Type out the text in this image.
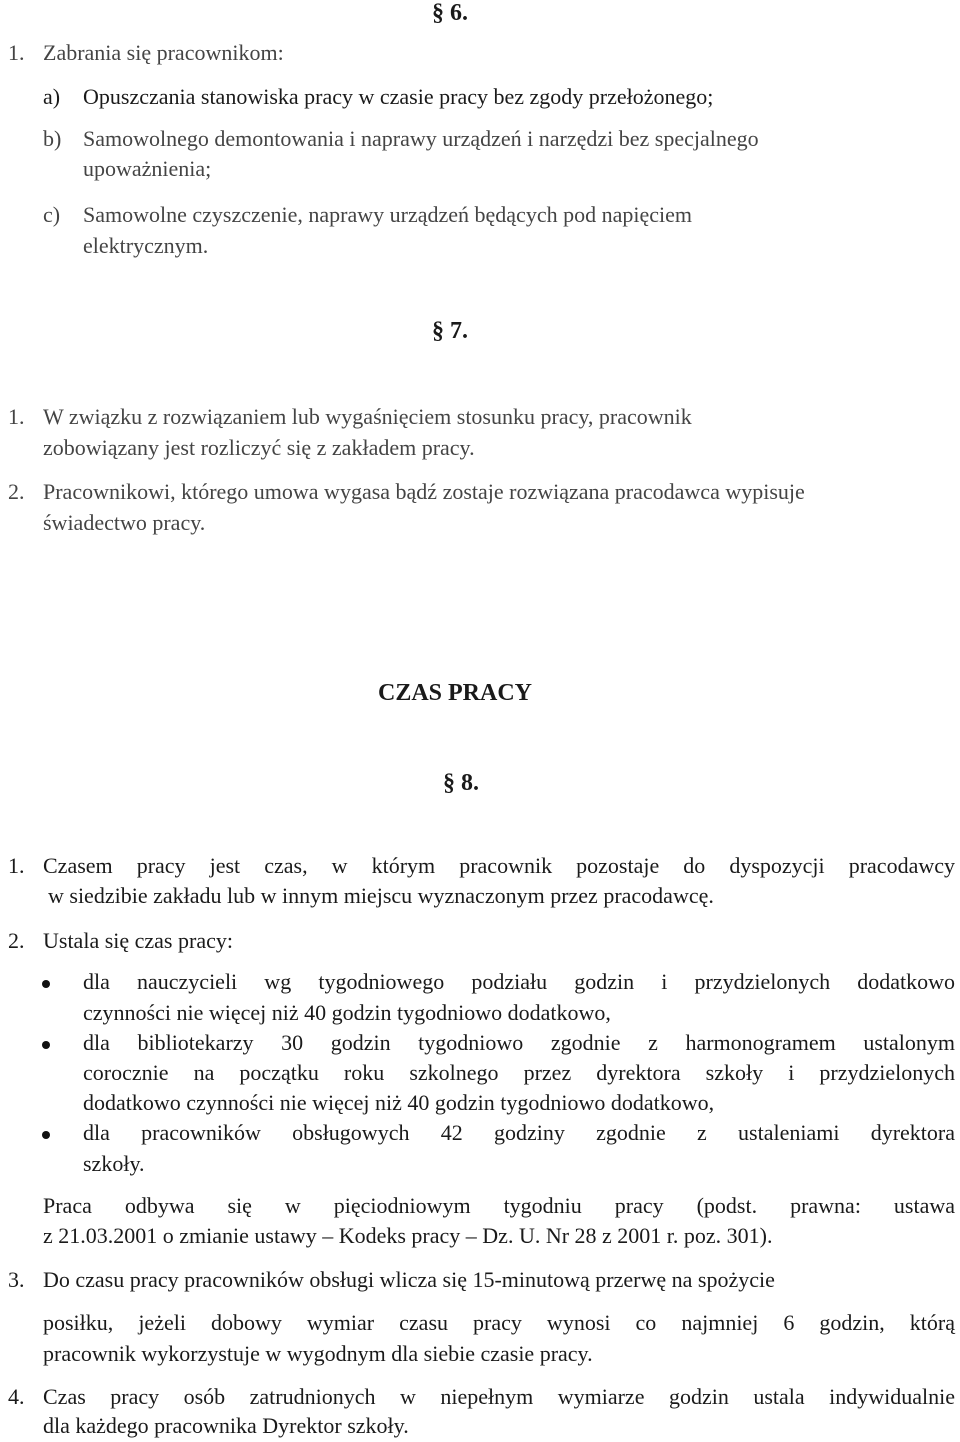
§ 6.
1. Zabrania się pracownikom:
a) Opuszczania stanowiska pracy w czasie pracy bez zgody przełożonego;
b) Samowolnego demontowania i naprawy urządzeń i narzędzi bez specjalnego
upoważnienia;
c) Samowolne czyszczenie, naprawy urządzeń będących pod napięciem
elektrycznym.
§ 7.
1. W związku z rozwiązaniem lub wygaśnięciem stosunku pracy, pracownik
zobowiązany jest rozliczyć się z zakładem pracy.
2. Pracownikowi, którego umowa wygasa bądź zostaje rozwiązana pracodawca wypisuje
świadectwo pracy.
CZAS PRACY
§ 8.
1. Czasem pracy jest czas, w którym pracownik pozostaje do dyspozycji pracodawcy
w siedzibie zakładu lub w innym miejscu wyznaczonym przez pracodawcę.
2. Ustala się czas pracy:
dla nauczycieli wg tygodniowego podziału godzin i przydzielonych dodatkowo
czynności nie więcej niż 40 godzin tygodniowo dodatkowo,
dla bibliotekarzy 30 godzin tygodniowo zgodnie z harmonogramem ustalonym
corocznie na początku roku szkolnego przez dyrektora szkoły i przydzielonych
dodatkowo czynności nie więcej niż 40 godzin tygodniowo dodatkowo,
dla pracowników obsługowych 42 godziny zgodnie z ustaleniami dyrektora
szkoły.
Praca odbywa się w pięciodniowym tygodniu pracy (podst. prawna: ustawa
z 21.03.2001 o zmianie ustawy – Kodeks pracy – Dz. U. Nr 28 z 2001 r. poz. 301).
3. Do czasu pracy pracowników obsługi wlicza się 15-minutową przerwę na spożycie
posiłku, jeżeli dobowy wymiar czasu pracy wynosi co najmniej 6 godzin, którą
pracownik wykorzystuje w wygodnym dla siebie czasie pracy.
4. Czas pracy osób zatrudnionych w niepełnym wymiarze godzin ustala indywidualnie
dla każdego pracownika Dyrektor szkoły.
